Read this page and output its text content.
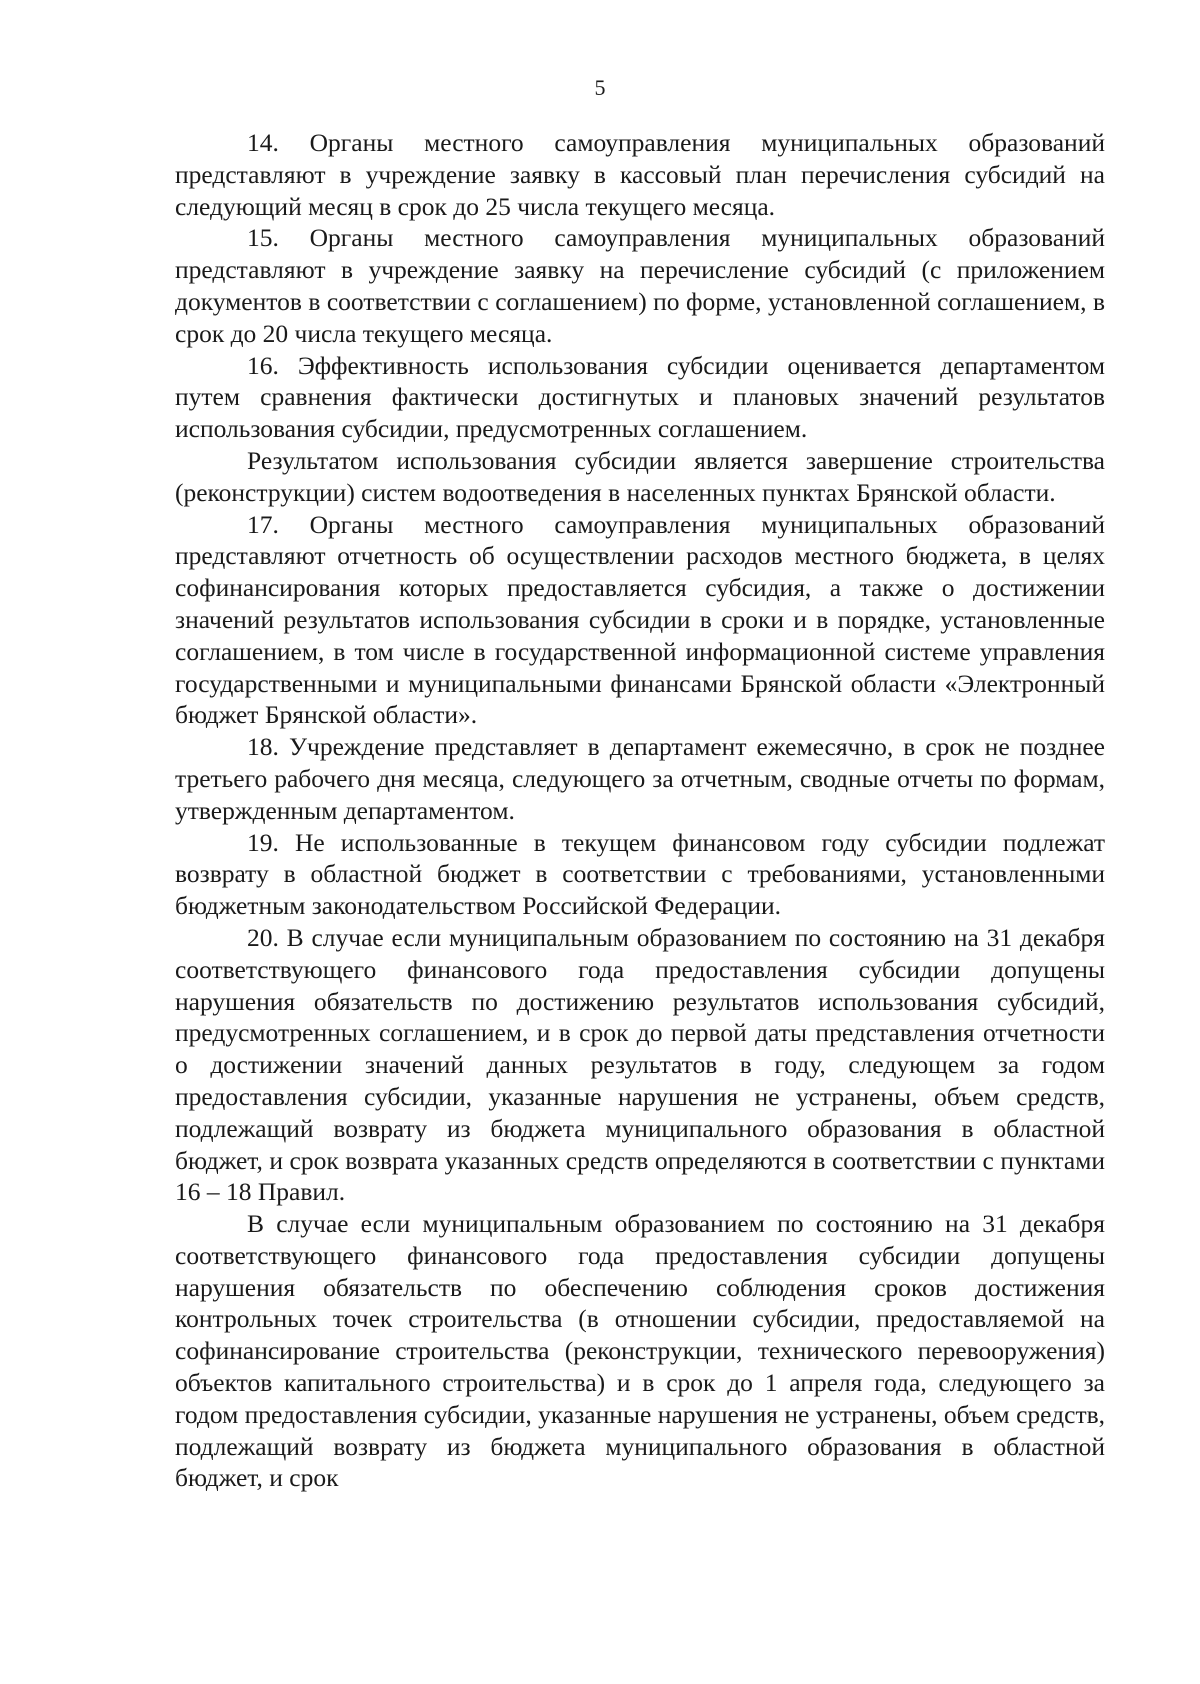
5

14. Органы местного самоуправления муниципальных образований представляют в учреждение заявку в кассовый план перечисления субсидий на следующий месяц в срок до 25 числа текущего месяца.

15. Органы местного самоуправления муниципальных образований представляют в учреждение заявку на перечисление субсидий (с приложением документов в соответствии с соглашением) по форме, установленной соглашением, в срок до 20 числа текущего месяца.

16. Эффективность использования субсидии оценивается департаментом путем сравнения фактически достигнутых и плановых значений результатов использования субсидии, предусмотренных соглашением.

Результатом использования субсидии является завершение строительства (реконструкции) систем водоотведения в населенных пунктах Брянской области.

17. Органы местного самоуправления муниципальных образований представляют отчетность об осуществлении расходов местного бюджета, в целях софинансирования которых предоставляется субсидия, а также о достижении значений результатов использования субсидии в сроки и в порядке, установленные соглашением, в том числе в государственной информационной системе управления государственными и муниципальными финансами Брянской области «Электронный бюджет Брянской области».

18. Учреждение представляет в департамент ежемесячно, в срок не позднее третьего рабочего дня месяца, следующего за отчетным, сводные отчеты по формам, утвержденным департаментом.

19. Не использованные в текущем финансовом году субсидии подлежат возврату в областной бюджет в соответствии с требованиями, установленными бюджетным законодательством Российской Федерации.

20. В случае если муниципальным образованием по состоянию на 31 декабря соответствующего финансового года предоставления субсидии допущены нарушения обязательств по достижению результатов использования субсидий, предусмотренных соглашением, и в срок до первой даты представления отчетности о достижении значений данных результатов в году, следующем за годом предоставления субсидии, указанные нарушения не устранены, объем средств, подлежащий возврату из бюджета муниципального образования в областной бюджет, и срок возврата указанных средств определяются в соответствии с пунктами 16 – 18 Правил.

В случае если муниципальным образованием по состоянию на 31 декабря соответствующего финансового года предоставления субсидии допущены нарушения обязательств по обеспечению соблюдения сроков достижения контрольных точек строительства (в отношении субсидии, предоставляемой на софинансирование строительства (реконструкции, технического перевооружения) объектов капитального строительства) и в срок до 1 апреля года, следующего за годом предоставления субсидии, указанные нарушения не устранены, объем средств, подлежащий возврату из бюджета муниципального образования в областной бюджет, и срок
